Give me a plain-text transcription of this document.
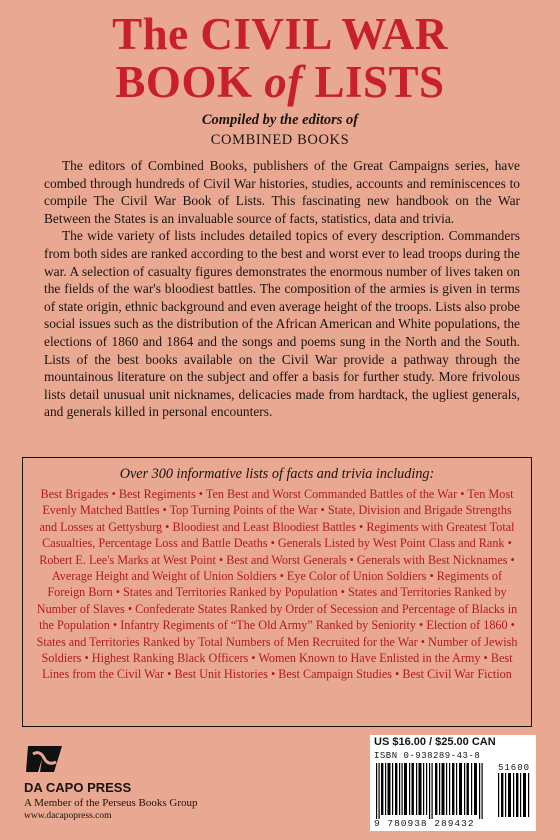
The CIVIL WAR
BOOK of LISTS
Compiled by the editors of
COMBINED BOOKS

The editors of Combined Books, publishers of the Great Campaigns series, have combed through hundreds of Civil War histories, studies, accounts and reminiscences to compile The Civil War Book of Lists. This fascinating new handbook on the War Between the States is an invaluable source of facts, statistics, data and trivia.

The wide variety of lists includes detailed topics of every description. Commanders from both sides are ranked according to the best and worst ever to lead troops during the war. A selection of casualty figures demonstrates the enormous number of lives taken on the fields of the war's bloodiest battles. The composition of the armies is given in terms of state origin, ethnic background and even average height of the troops. Lists also probe social issues such as the distribution of the African American and White populations, the elections of 1860 and 1864 and the songs and poems sung in the North and the South. Lists of the best books available on the Civil War provide a pathway through the mountainous literature on the subject and offer a basis for further study. More frivolous lists detail unusual unit nicknames, delicacies made from hardtack, the ugliest generals, and generals killed in personal encounters.

Over 300 informative lists of facts and trivia including:
Best Brigades • Best Regiments • Ten Best and Worst Commanded Battles of the War • Ten Most Evenly Matched Battles • Top Turning Points of the War • State, Division and Brigade Strengths and Losses at Gettysburg • Bloodiest and Least Bloodiest Battles • Regiments with Greatest Total Casualties, Percentage Loss and Battle Deaths • Generals Listed by West Point Class and Rank • Robert E. Lee's Marks at West Point • Best and Worst Generals • Generals with Best Nicknames • Average Height and Weight of Union Soldiers • Eye Color of Union Soldiers • Regiments of Foreign Born • States and Territories Ranked by Population • States and Territories Ranked by Number of Slaves • Confederate States Ranked by Order of Secession and Percentage of Blacks in the Population • Infantry Regiments of “The Old Army” Ranked by Seniority • Election of 1860 • States and Territories Ranked by Total Numbers of Men Recruited for the War • Number of Jewish Soldiers • Highest Ranking Black Officers • Women Known to Have Enlisted in the Army • Best Lines from the Civil War • Best Unit Histories • Best Campaign Studies • Best Civil War Fiction
DA CAPO PRESS
A Member of the Perseus Books Group
www.dacapopress.com
US $16.00 / $25.00 CAN
ISBN 0-938289-43-8
51600
9 780938 289432
